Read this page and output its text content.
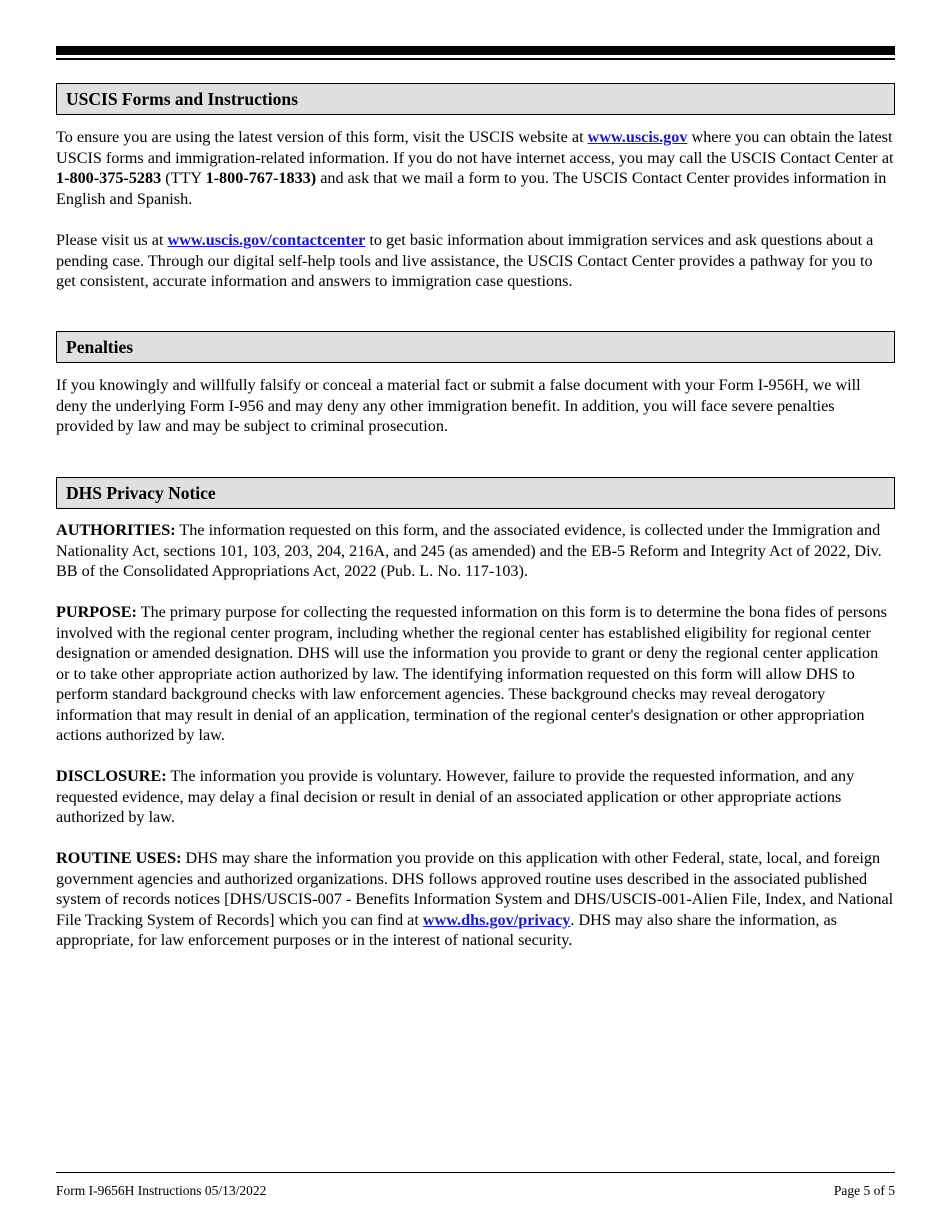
USCIS Forms and Instructions

To ensure you are using the latest version of this form, visit the USCIS website at www.uscis.gov where you can obtain the latest USCIS forms and immigration-related information. If you do not have internet access, you may call the USCIS Contact Center at 1-800-375-5283 (TTY 1-800-767-1833) and ask that we mail a form to you. The USCIS Contact Center provides information in English and Spanish.

Please visit us at www.uscis.gov/contactcenter to get basic information about immigration services and ask questions about a pending case. Through our digital self-help tools and live assistance, the USCIS Contact Center provides a pathway for you to get consistent, accurate information and answers to immigration case questions.

Penalties

If you knowingly and willfully falsify or conceal a material fact or submit a false document with your Form I-956H, we will deny the underlying Form I-956 and may deny any other immigration benefit. In addition, you will face severe penalties provided by law and may be subject to criminal prosecution.

DHS Privacy Notice

AUTHORITIES: The information requested on this form, and the associated evidence, is collected under the Immigration and Nationality Act, sections 101, 103, 203, 204, 216A, and 245 (as amended) and the EB-5 Reform and Integrity Act of 2022, Div. BB of the Consolidated Appropriations Act, 2022 (Pub. L. No. 117-103).

PURPOSE: The primary purpose for collecting the requested information on this form is to determine the bona fides of persons involved with the regional center program, including whether the regional center has established eligibility for regional center designation or amended designation. DHS will use the information you provide to grant or deny the regional center application or to take other appropriate action authorized by law. The identifying information requested on this form will allow DHS to perform standard background checks with law enforcement agencies. These background checks may reveal derogatory information that may result in denial of an application, termination of the regional center's designation or other appropriation actions authorized by law.

DISCLOSURE: The information you provide is voluntary. However, failure to provide the requested information, and any requested evidence, may delay a final decision or result in denial of an associated application or other appropriate actions authorized by law.

ROUTINE USES: DHS may share the information you provide on this application with other Federal, state, local, and foreign government agencies and authorized organizations. DHS follows approved routine uses described in the associated published system of records notices [DHS/USCIS-007 - Benefits Information System and DHS/USCIS-001-Alien File, Index, and National File Tracking System of Records] which you can find at www.dhs.gov/privacy. DHS may also share the information, as appropriate, for law enforcement purposes or in the interest of national security.

Form I-9656H Instructions 05/13/2022	Page 5 of 5
